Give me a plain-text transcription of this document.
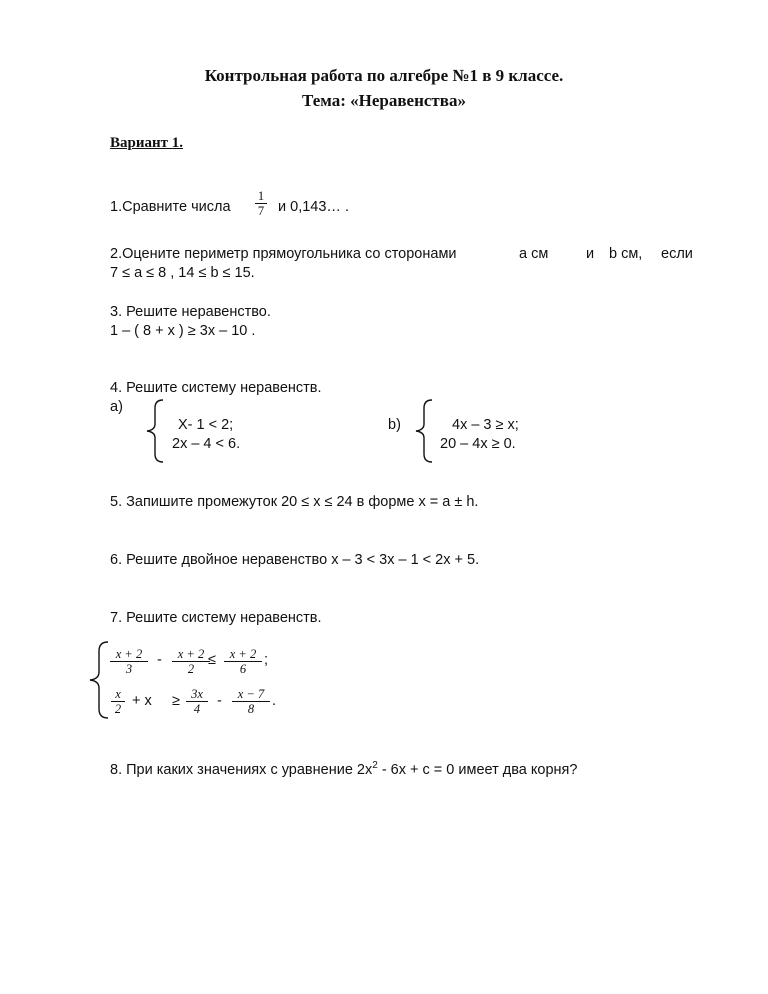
Контрольная работа по алгебре №1 в 9 классе.
Тема: «Неравенства»
Вариант 1.
1.Сравните числа $\frac{1}{7}$ и 0,143… .
2.Оцените периметр прямоугольника со сторонами	а см	и b см, если
7 ≤ а ≤ 8 , 14 ≤ b ≤ 15.
3. Решите неравенство.
1 – ( 8 + х ) ≥ 3х – 10 .
4. Решите систему неравенств.
а)
Х- 1 < 2;
2х – 4 < 6.
b)	4х – 3 ≥ х;
20 – 4х ≥ 0.
5. Запишите промежуток 20 ≤ х ≤ 24 в форме х = а ± h.
6. Решите двойное неравенство х – 3 < 3х – 1 < 2х + 5.
7. Решите систему неравенств.
$\frac{x + 2}{3} - \frac{x + 2}{2}$
≤ $\frac{x + 2}{6}$ ;
$\frac{x}{2} + x \ge \frac{3x}{4} - \frac{x - 7}{8}$ .
8. При каких значениях с уравнение $2х^2 - 6х + с = 0$ имеет два корня?
